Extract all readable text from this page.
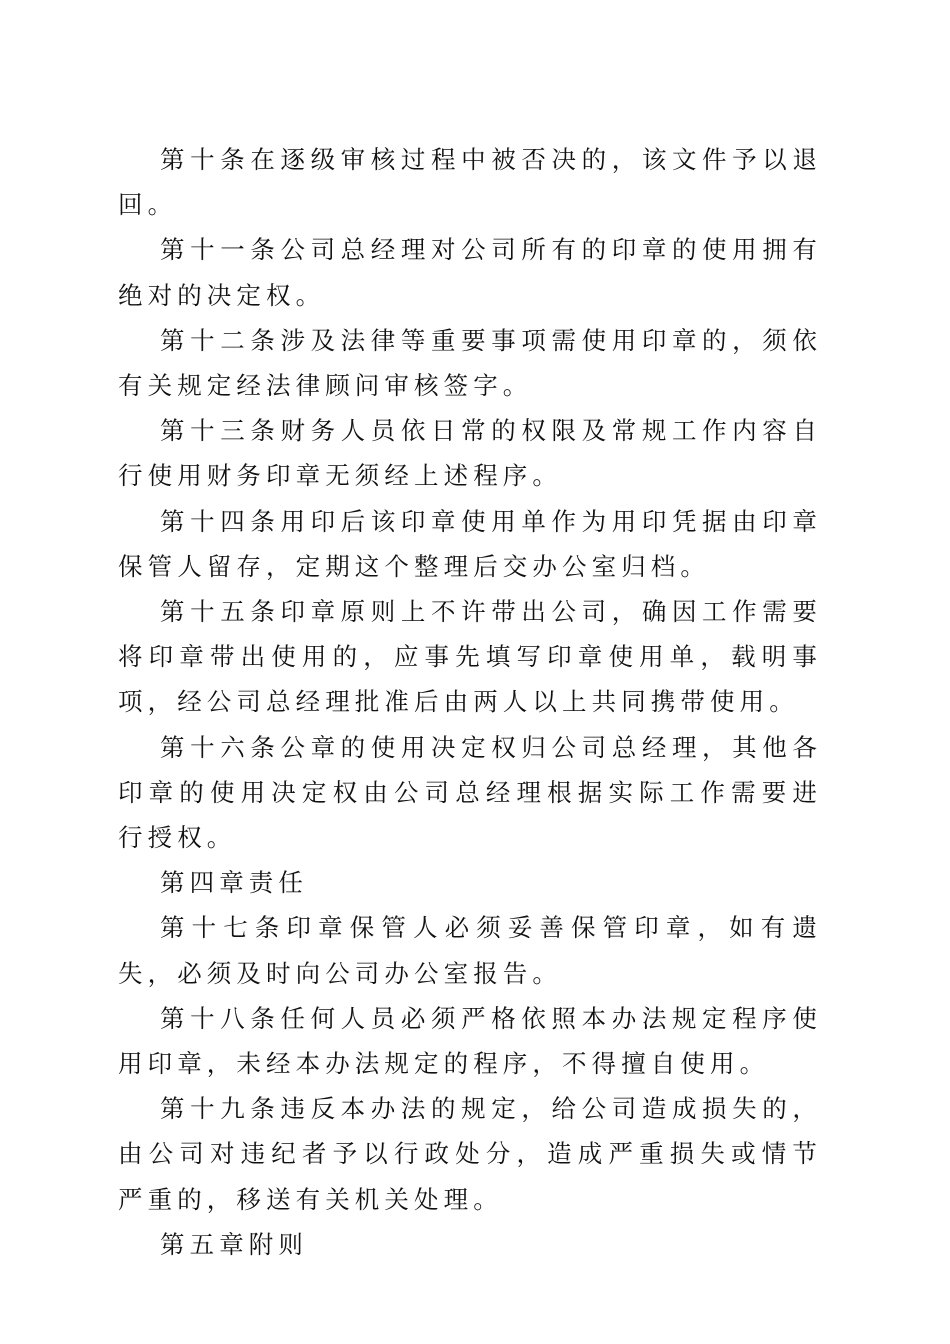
第十条在逐级审核过程中被否决的，该文件予以退回。

第十一条公司总经理对公司所有的印章的使用拥有绝对的决定权。

第十二条涉及法律等重要事项需使用印章的，须依有关规定经法律顾问审核签字。

第十三条财务人员依日常的权限及常规工作内容自行使用财务印章无须经上述程序。

第十四条用印后该印章使用单作为用印凭据由印章保管人留存，定期这个整理后交办公室归档。

第十五条印章原则上不许带出公司，确因工作需要将印章带出使用的，应事先填写印章使用单，载明事项，经公司总经理批准后由两人以上共同携带使用。

第十六条公章的使用决定权归公司总经理，其他各印章的使用决定权由公司总经理根据实际工作需要进行授权。

第四章责任

第十七条印章保管人必须妥善保管印章，如有遗失，必须及时向公司办公室报告。

第十八条任何人员必须严格依照本办法规定程序使用印章，未经本办法规定的程序，不得擅自使用。

第十九条违反本办法的规定，给公司造成损失的，由公司对违纪者予以行政处分，造成严重损失或情节严重的，移送有关机关处理。

第五章附则
